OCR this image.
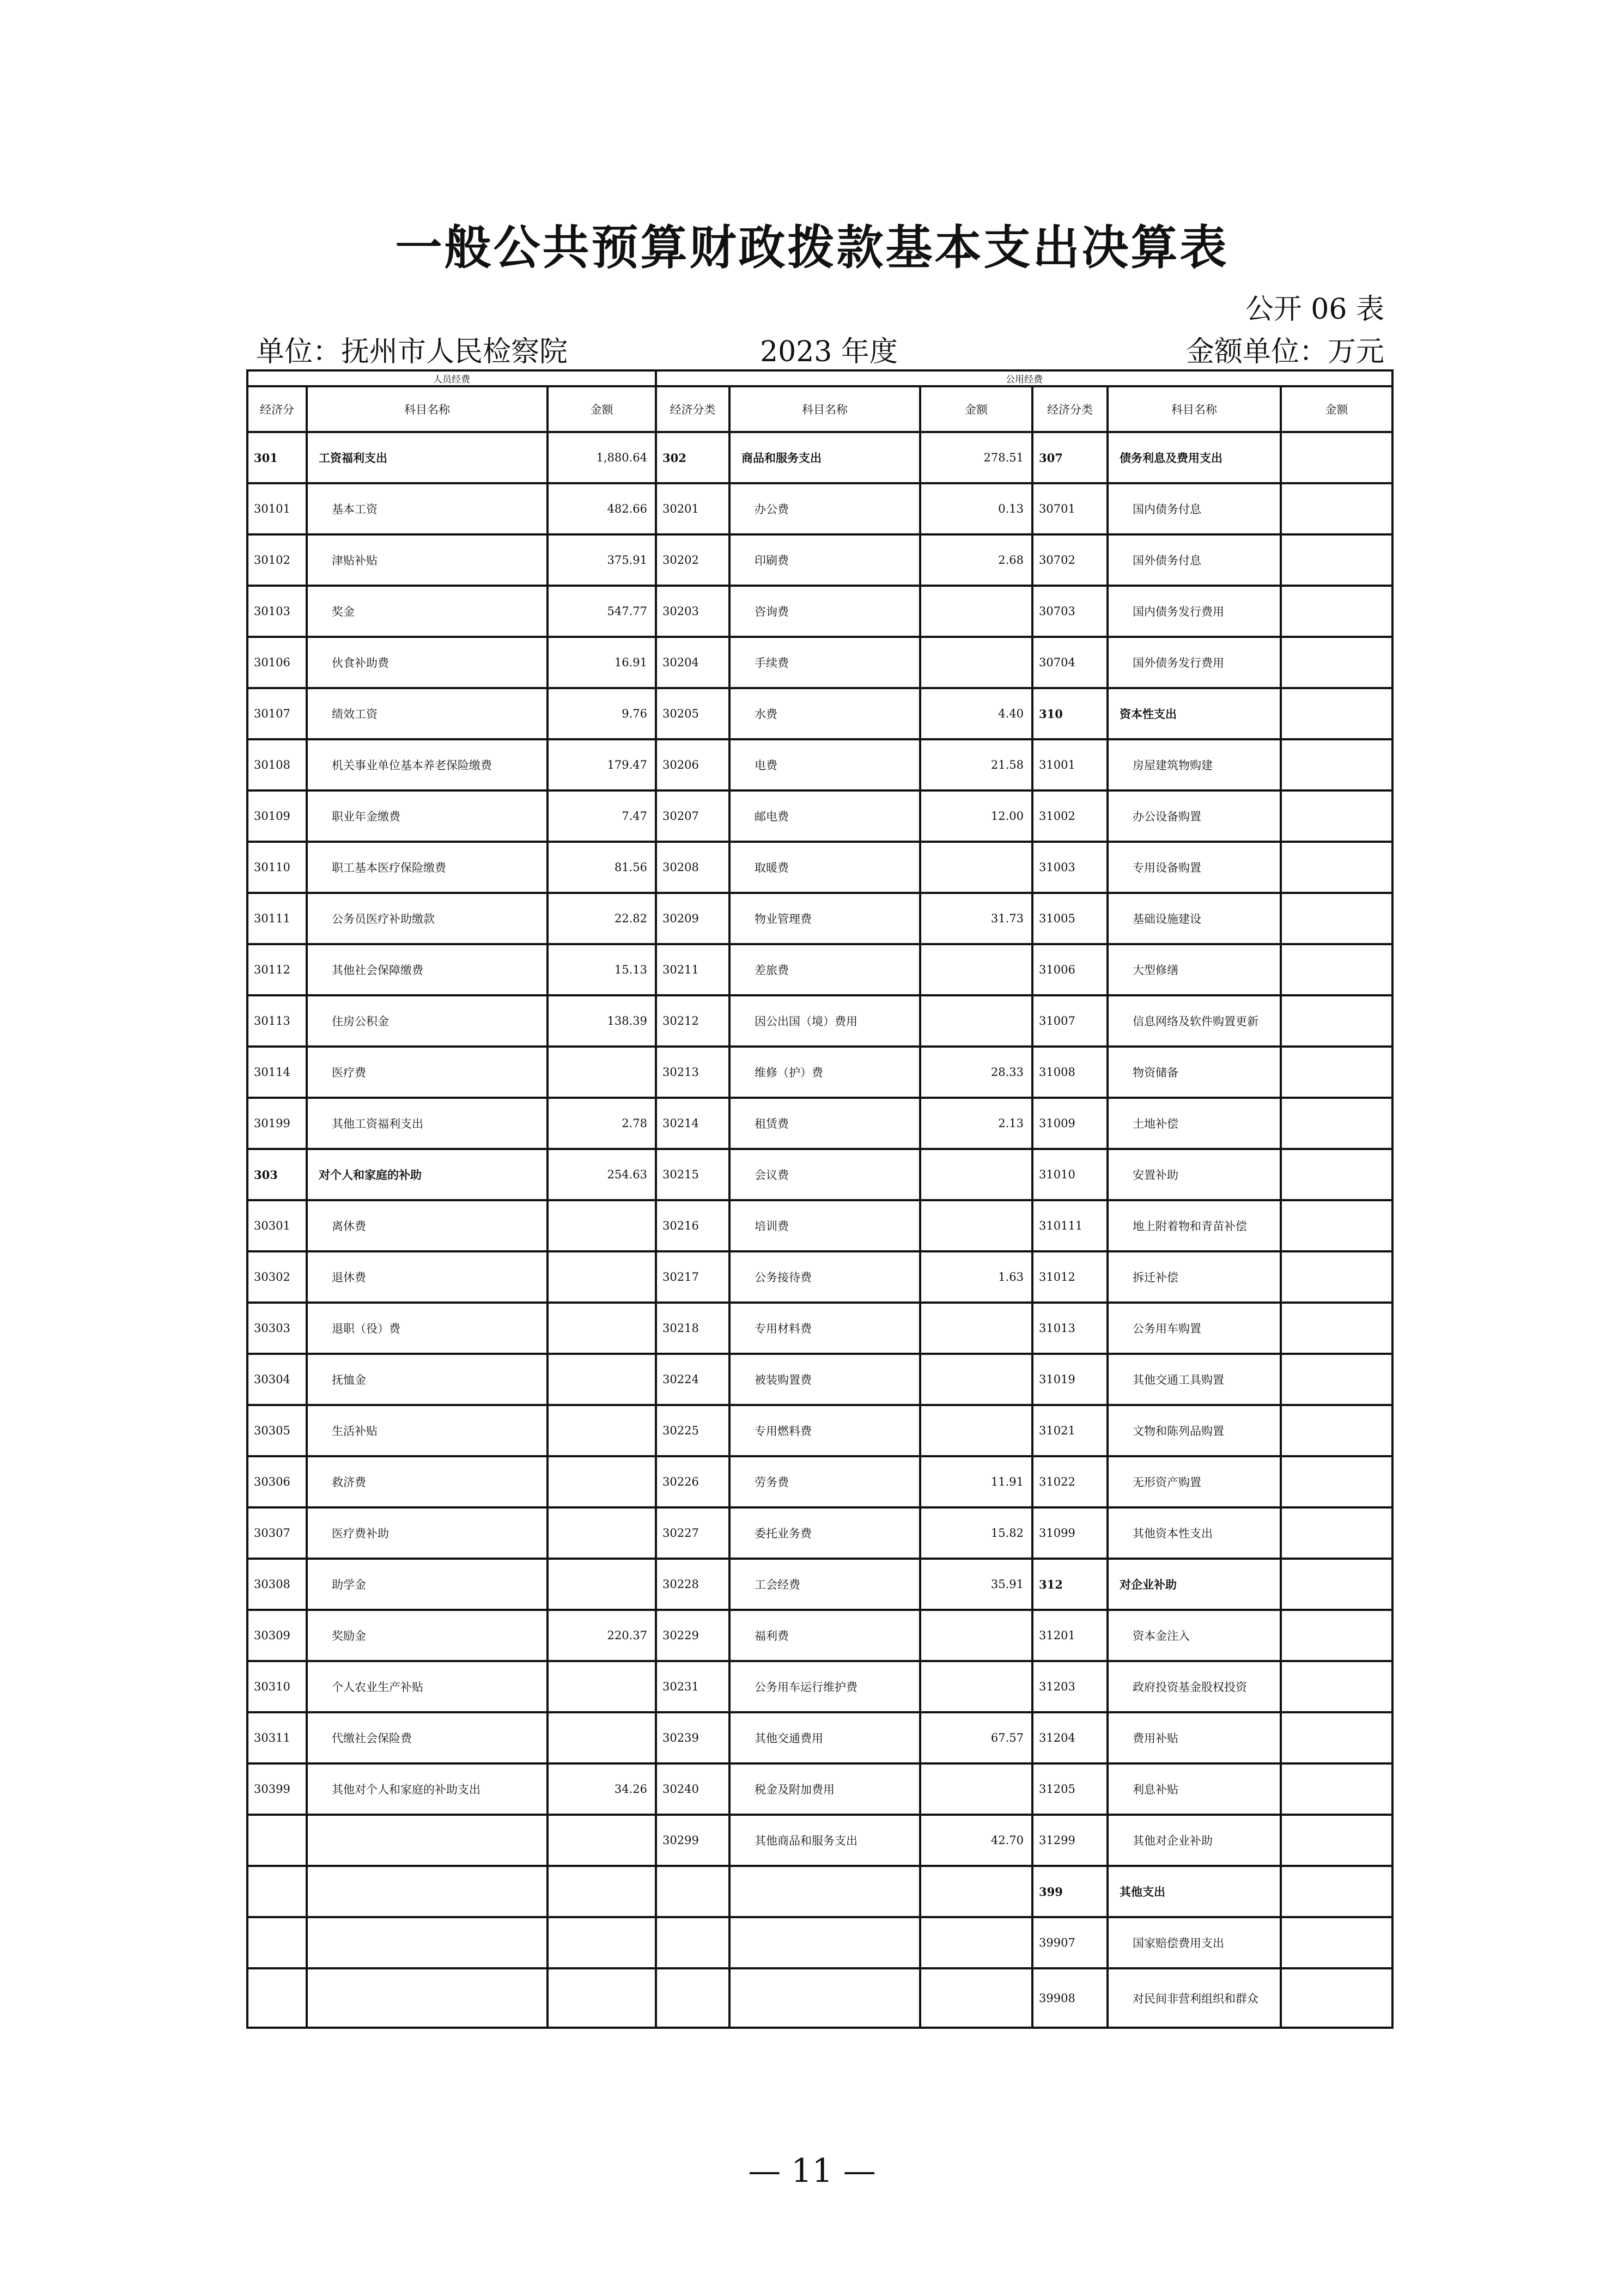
一般公共预算财政拨款基本支出决算表
公开 06 表
单位：抚州市人民检察院	2023 年度	金额单位：万元
人员经费			公用经费					
经济分	科目名称	金额	经济分类	科目名称	金额	经济分类	科目名称	金额
301	工资福利支出	1,880.64	302	商品和服务支出	278.51	307	债务利息及费用支出	
30101	基本工资	482.66	30201	办公费	0.13	30701	国内债务付息	
30102	津贴补贴	375.91	30202	印刷费	2.68	30702	国外债务付息	
30103	奖金	547.77	30203	咨询费		30703	国内债务发行费用	
30106	伙食补助费	16.91	30204	手续费		30704	国外债务发行费用	
30107	绩效工资	9.76	30205	水费	4.40	310	资本性支出	
30108	机关事业单位基本养老保险缴费	179.47	30206	电费	21.58	31001	房屋建筑物购建	
30109	职业年金缴费	7.47	30207	邮电费	12.00	31002	办公设备购置	
30110	职工基本医疗保险缴费	81.56	30208	取暖费		31003	专用设备购置	
30111	公务员医疗补助缴款	22.82	30209	物业管理费	31.73	31005	基础设施建设	
30112	其他社会保障缴费	15.13	30211	差旅费		31006	大型修缮	
30113	住房公积金	138.39	30212	因公出国（境）费用		31007	信息网络及软件购置更新	
30114	医疗费		30213	维修（护）费	28.33	31008	物资储备	
30199	其他工资福利支出	2.78	30214	租赁费	2.13	31009	土地补偿	
303	对个人和家庭的补助	254.63	30215	会议费		31010	安置补助	
30301	离休费		30216	培训费		310111	地上附着物和青苗补偿	
30302	退休费		30217	公务接待费	1.63	31012	拆迁补偿	
30303	退职（役）费		30218	专用材料费		31013	公务用车购置	
30304	抚恤金		30224	被装购置费		31019	其他交通工具购置	
30305	生活补贴		30225	专用燃料费		31021	文物和陈列品购置	
30306	救济费		30226	劳务费	11.91	31022	无形资产购置	
30307	医疗费补助		30227	委托业务费	15.82	31099	其他资本性支出	
30308	助学金		30228	工会经费	35.91	312	对企业补助	
30309	奖励金	220.37	30229	福利费		31201	资本金注入	
30310	个人农业生产补贴		30231	公务用车运行维护费		31203	政府投资基金股权投资	
30311	代缴社会保险费		30239	其他交通费用	67.57	31204	费用补贴	
30399	其他对个人和家庭的补助支出	34.26	30240	税金及附加费用		31205	利息补贴	
			30299	其他商品和服务支出	42.70	31299	其他对企业补助	
						399	其他支出	
						39907	国家赔偿费用支出	
						39908	对民间非营利组织和群众	
— 11 —
